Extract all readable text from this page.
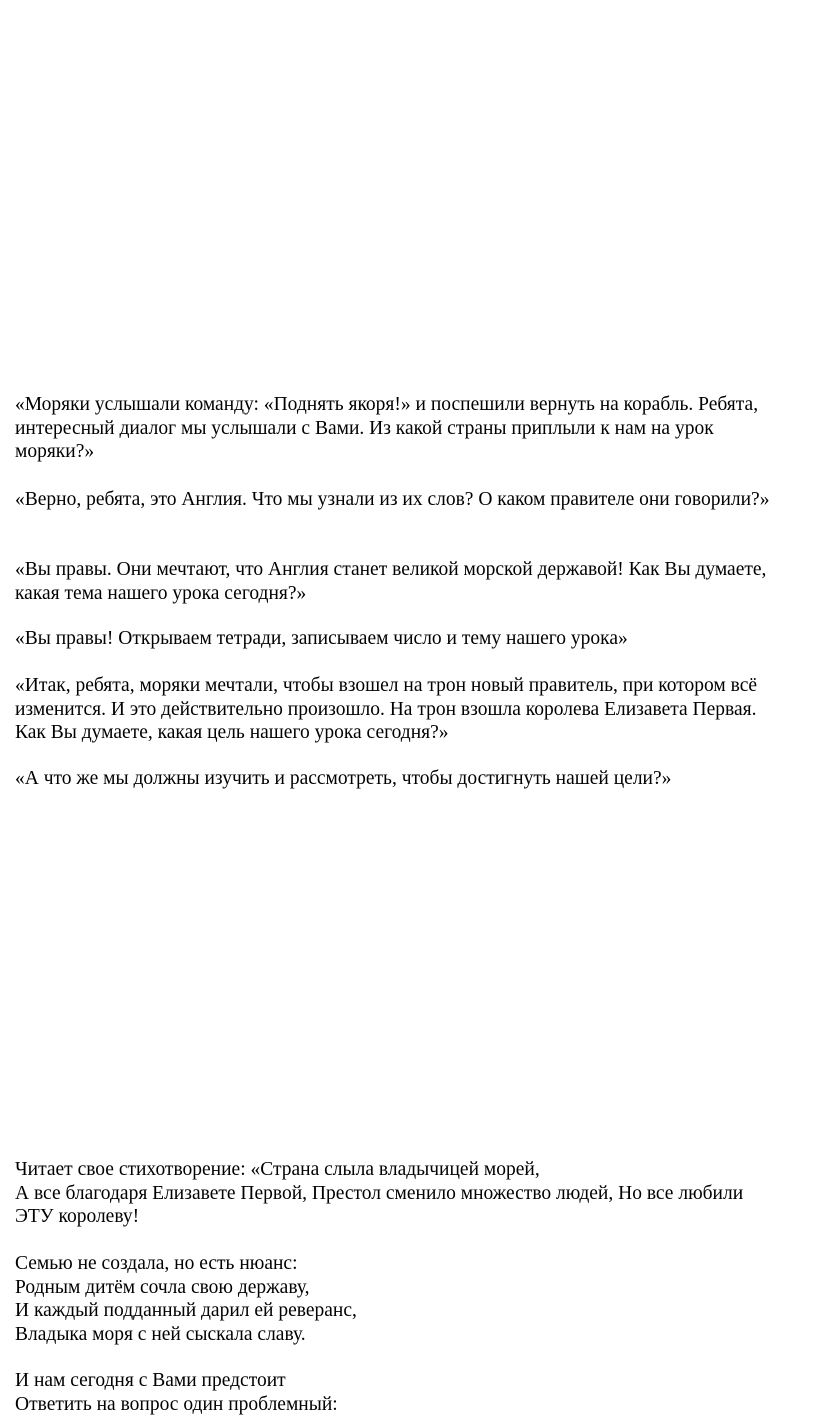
«Моряки услышали команду: «Поднять якоря!» и поспешили вернуть на корабль. Ребята,
интересный диалог мы услышали с Вами. Из какой страны приплыли к нам на урок
моряки?»
«Верно, ребята, это Англия. Что мы узнали из их слов? О каком правителе они говорили?»
«Вы правы. Они мечтают, что Англия станет великой морской державой! Как Вы думаете,
какая тема нашего урока сегодня?»
«Вы правы! Открываем тетради, записываем число и тему нашего урока»
«Итак, ребята, моряки мечтали, чтобы взошел на трон новый правитель, при котором всё
изменится. И это действительно произошло. На трон взошла королева Елизавета Первая.
Как Вы думаете, какая цель нашего урока сегодня?»
«А что же мы должны изучить и рассмотреть, чтобы достигнуть нашей цели?»
Читает свое стихотворение: «Страна слыла владычицей морей,
А все благодаря Елизавете Первой, Престол сменило множество людей, Но все любили
ЭТУ королеву!
Семью не создала, но есть нюанс:
Родным дитём сочла свою державу,
И каждый подданный дарил ей реверанс,
Владыка моря с ней сыскала славу.
И нам сегодня с Вами предстоит
Ответить на вопрос один проблемный:
